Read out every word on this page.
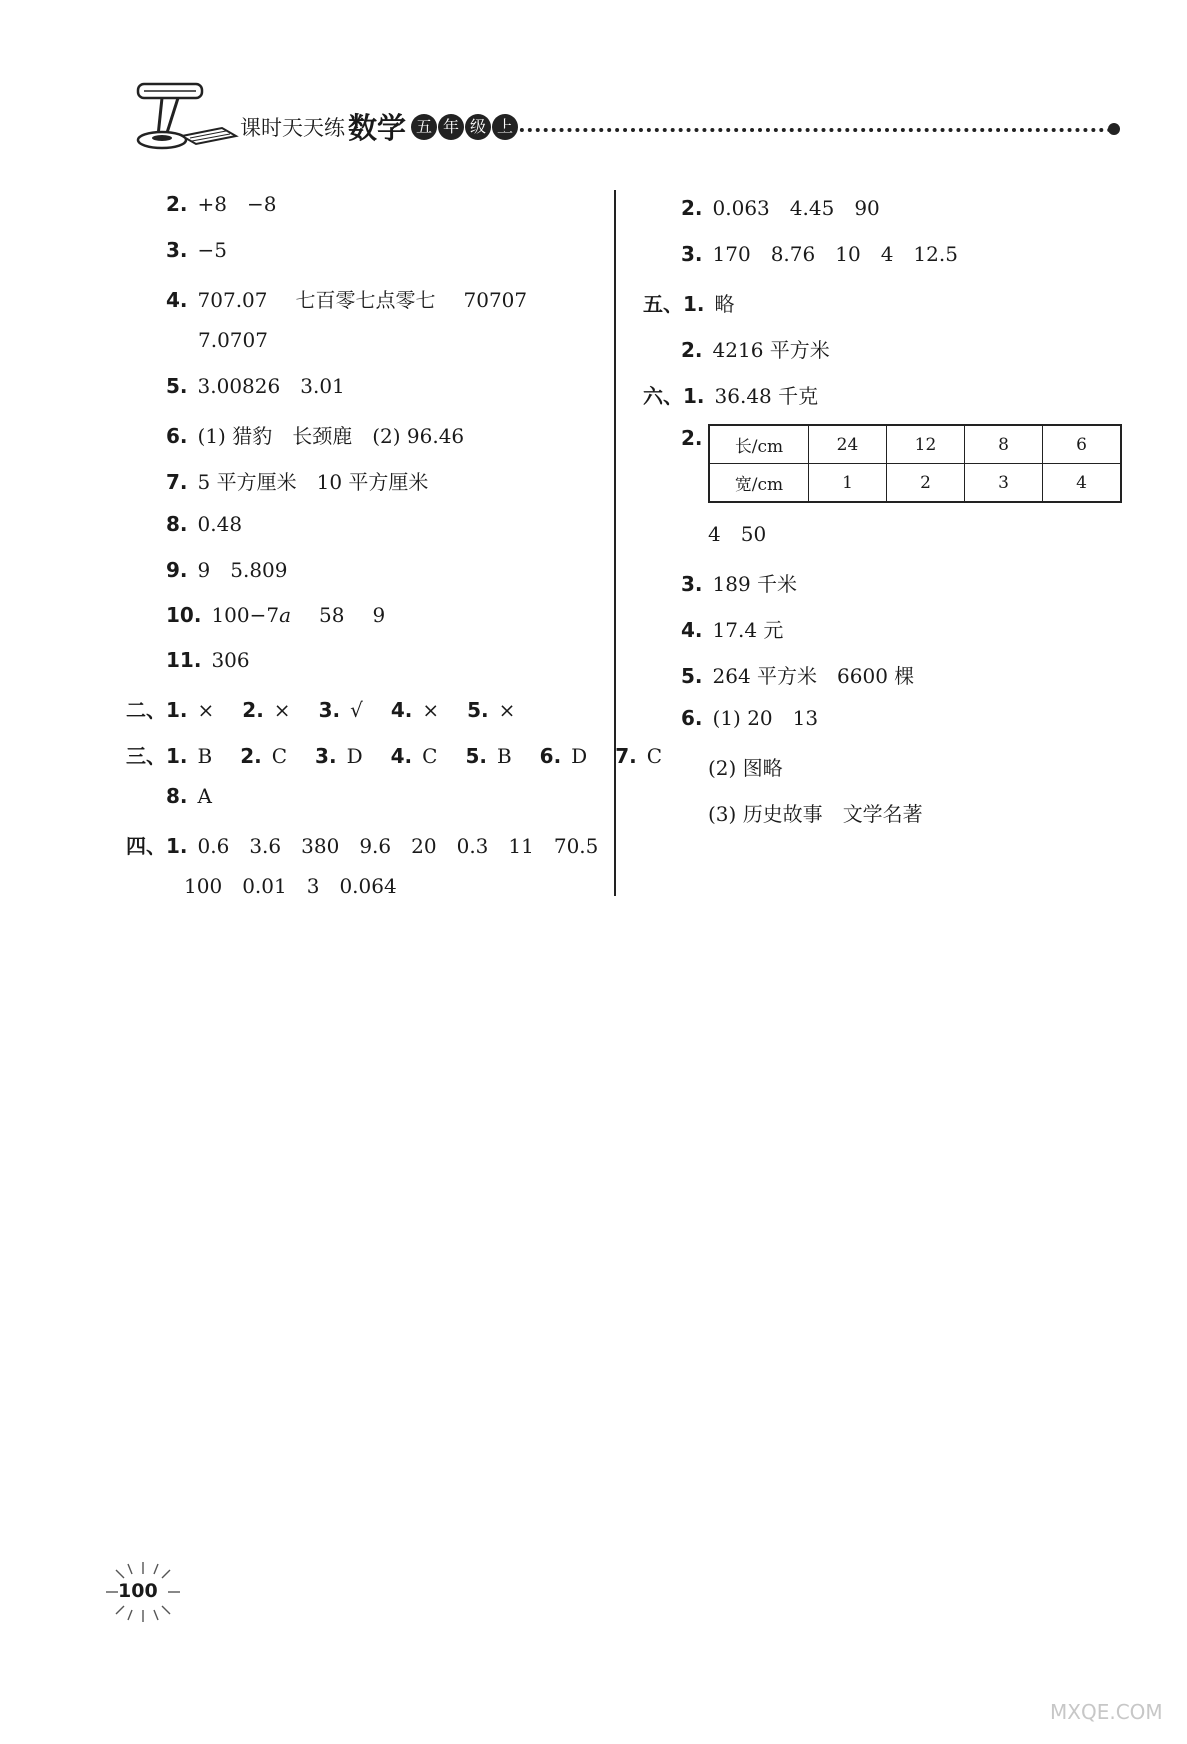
课时天天练 数学 五 年 级 上
2. +8 −8
3. −5
4. 707.07 七百零七点零七 70707
7.0707
5. 3.00826 3.01
6. (1) 猎豹 长颈鹿 (2) 96.46
7. 5 平方厘米 10 平方厘米
8. 0.48
9. 9 5.809
10. 100−7a 58 9
11. 306
二、1. × 2. × 3. √ 4. × 5. ×
三、1. B 2. C 3. D 4. C 5. B 6. D 7. C
8. A
四、1. 0.6 3.6 380 9.6 20 0.3 11 70.5
100 0.01 3 0.064
2. 0.063 4.45 90
3. 170 8.76 10 4 12.5
五、1. 略
2. 4216 平方米
六、1. 36.48 千克
2. 长/cm	24	12	8	6
宽/cm	1	2	3	4
4 50
3. 189 千米
4. 17.4 元
5. 264 平方米 6600 棵
6. (1) 20 13
(2) 图略
(3) 历史故事 文学名著
100
MXQE.COM
